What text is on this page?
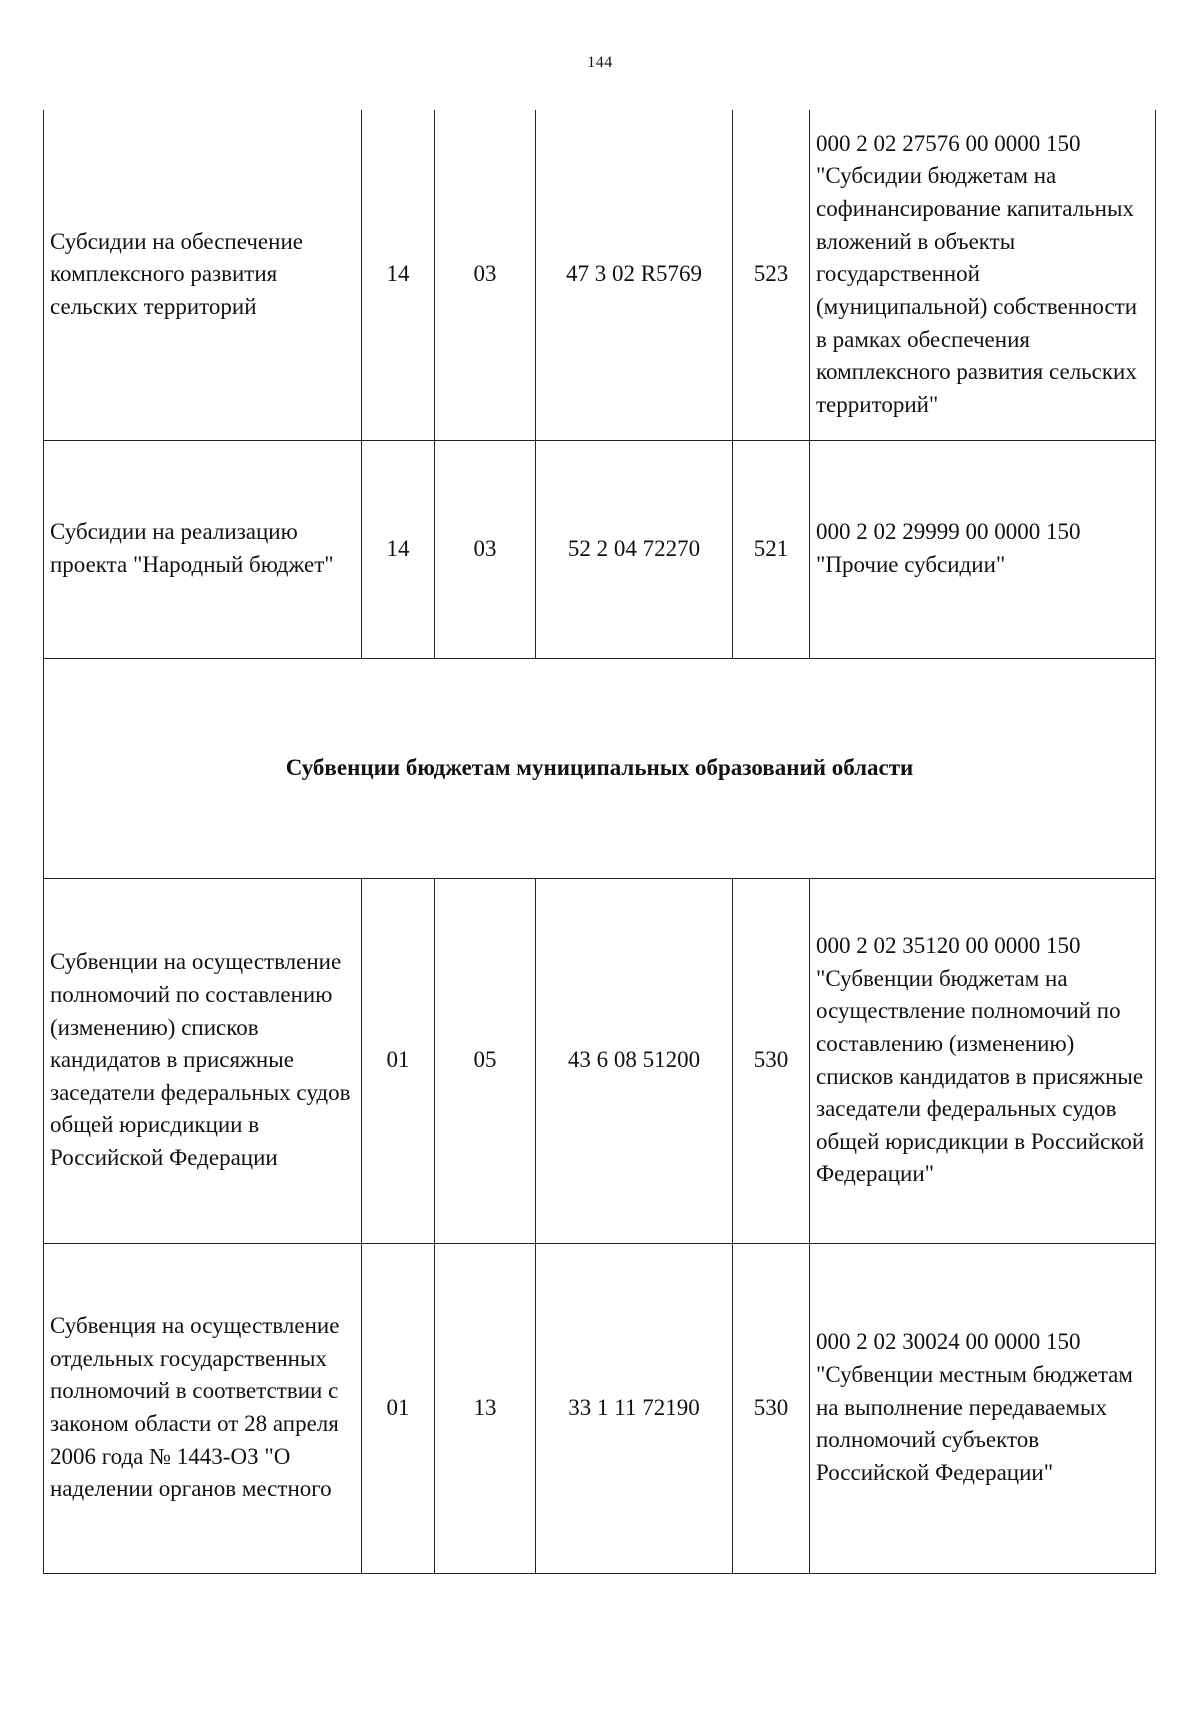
144
Субсидии на обеспечение комплексного развития сельских территорий	14	03	47 3 02 R5769	523	000 2 02 27576 00 0000 150 "Субсидии бюджетам на софинансирование капитальных вложений в объекты государственной (муниципальной) собственности в рамках обеспечения комплексного развития сельских территорий"
Субсидии на реализацию проекта "Народный бюджет"	14	03	52 2 04 72270	521	000 2 02 29999 00 0000 150 "Прочие субсидии"
Субвенции бюджетам муниципальных образований области					
Субвенции на осуществление полномочий по составлению (изменению) списков кандидатов в присяжные заседатели федеральных судов общей юрисдикции в Российской Федерации	01	05	43 6 08 51200	530	000 2 02 35120 00 0000 150 "Субвенции бюджетам на осуществление полномочий по составлению (изменению) списков кандидатов в присяжные заседатели федеральных судов общей юрисдикции в Российской Федерации"
Субвенция на осуществление отдельных государственных полномочий в соответствии с законом области от 28 апреля 2006 года № 1443-ОЗ "О наделении органов местного	01	13	33 1 11 72190	530	000 2 02 30024 00 0000 150 "Субвенции местным бюджетам на выполнение передаваемых полномочий субъектов Российской Федерации"
